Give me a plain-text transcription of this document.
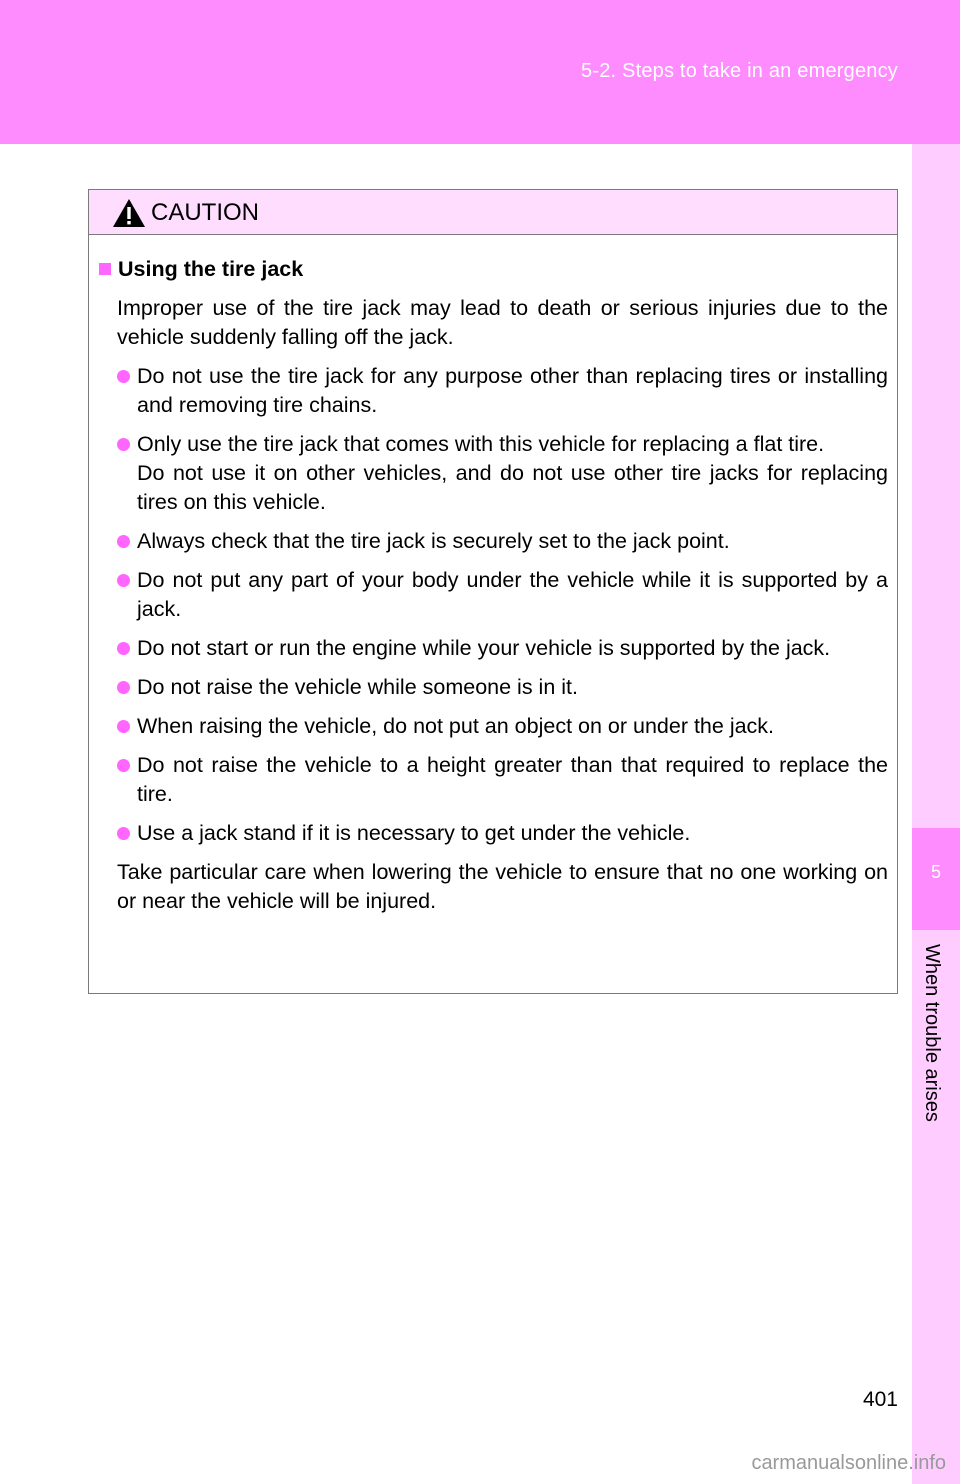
5-2. Steps to take in an emergency
5
When trouble arises
CAUTION
Using the tire jack
Improper use of the tire jack may lead to death or serious injuries due to the vehicle suddenly falling off the jack.
Do not use the tire jack for any purpose other than replacing tires or installing and removing tire chains.
Only use the tire jack that comes with this vehicle for replacing a flat tire.
Do not use it on other vehicles, and do not use other tire jacks for replacing tires on this vehicle.
Always check that the tire jack is securely set to the jack point.
Do not put any part of your body under the vehicle while it is supported by a jack.
Do not start or run the engine while your vehicle is supported by the jack.
Do not raise the vehicle while someone is in it.
When raising the vehicle, do not put an object on or under the jack.
Do not raise the vehicle to a height greater than that required to replace the tire.
Use a jack stand if it is necessary to get under the vehicle.
Take particular care when lowering the vehicle to ensure that no one working on or near the vehicle will be injured.
401
carmanualsonline.info
